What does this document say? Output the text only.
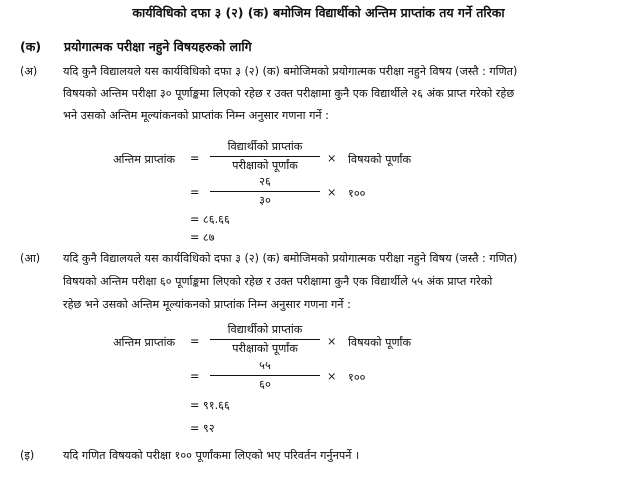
कार्यविधिको दफा ३ (२) (क) बमोजिम विद्यार्थीको अन्तिम प्राप्तांक तय गर्ने तरिका
(क) प्रयोगात्मक परीक्षा नहुने विषयहरुको लागि
(अ) यदि कुनै विद्यालयले यस कार्यविधिको दफा ३ (२) (क) बमोजिमको प्रयोगात्मक परीक्षा नहुने विषय (जस्तै : गणित)
विषयको अन्तिम परीक्षा ३० पूर्णाङ्कमा लिएको रहेछ र उक्त परीक्षामा कुनै एक विद्यार्थीले २६ अंक प्राप्त गरेको रहेछ
भने उसको अन्तिम मूल्यांकनको प्राप्तांक निम्न अनुसार गणना गर्ने :
अन्तिम प्राप्तांक =
विद्यार्थीको प्राप्तांक
परीक्षाको पूर्णांक
× विषयको पूर्णांक
=
२६
३०
× १००
= ८६.६६
= ८७
(आ) यदि कुनै विद्यालयले यस कार्यविधिको दफा ३ (२) (क) बमोजिमको प्रयोगात्मक परीक्षा नहुने विषय (जस्तै : गणित)
विषयको अन्तिम परीक्षा ६० पूर्णाङ्कमा लिएको रहेछ र उक्त परीक्षामा कुनै एक विद्यार्थीले ५५ अंक प्राप्त गरेको
रहेछ भने उसको अन्तिम मूल्यांकनको प्राप्तांक निम्न अनुसार गणना गर्ने :
अन्तिम प्राप्तांक =
विद्यार्थीको प्राप्तांक
परीक्षाको पूर्णांक
× विषयको पूर्णांक
=
५५
६०
× १००
= ९१.६६
= ९२
(इ)	यदि गणित विषयको परीक्षा १०० पूर्णांकमा लिएको भए परिवर्तन गर्नुनपर्ने ।
